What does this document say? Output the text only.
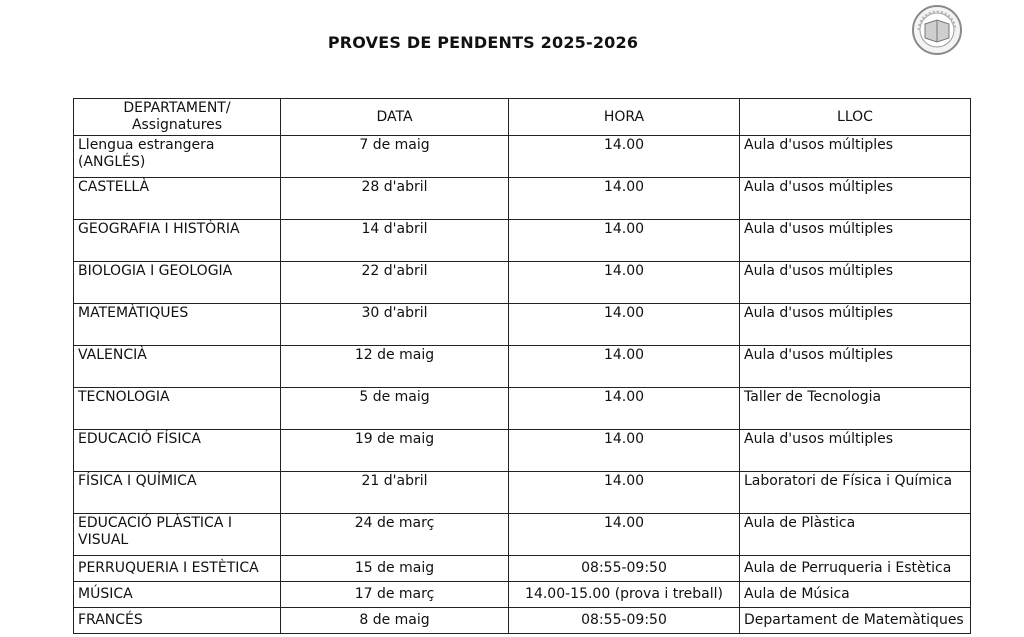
PROVES DE PENDENTS 2025-2026
DEPARTAMENT/ Assignatures	DATA	HORA	LLOC
Llengua estrangera (ANGLÉS)	7 de maig	14.00	Aula d'usos múltiples
CASTELLÀ	28 d'abril	14.00	Aula d'usos múltiples
GEOGRAFIA I HISTÒRIA	14 d'abril	14.00	Aula d'usos múltiples
BIOLOGIA I GEOLOGIA	22 d'abril	14.00	Aula d'usos múltiples
MATEMÀTIQUES	30 d'abril	14.00	Aula d'usos múltiples
VALENCIÀ	12 de maig	14.00	Aula d'usos múltiples
TECNOLOGIA	5 de maig	14.00	Taller de Tecnologia
EDUCACIÓ FÍSICA	19 de maig	14.00	Aula d'usos múltiples
FÍSICA I QUÍMICA	21 d'abril	14.00	Laboratori de Física i Química
EDUCACIÓ PLÀSTICA I VISUAL	24 de març	14.00	Aula de Plàstica
PERRUQUERIA I ESTÈTICA	15 de maig	08:55-09:50	Aula de Perruqueria i Estètica
MÚSICA	17 de març	14.00-15.00 (prova i treball)	Aula de Música
FRANCÉS	8 de maig	08:55-09:50	Departament de Matemàtiques
